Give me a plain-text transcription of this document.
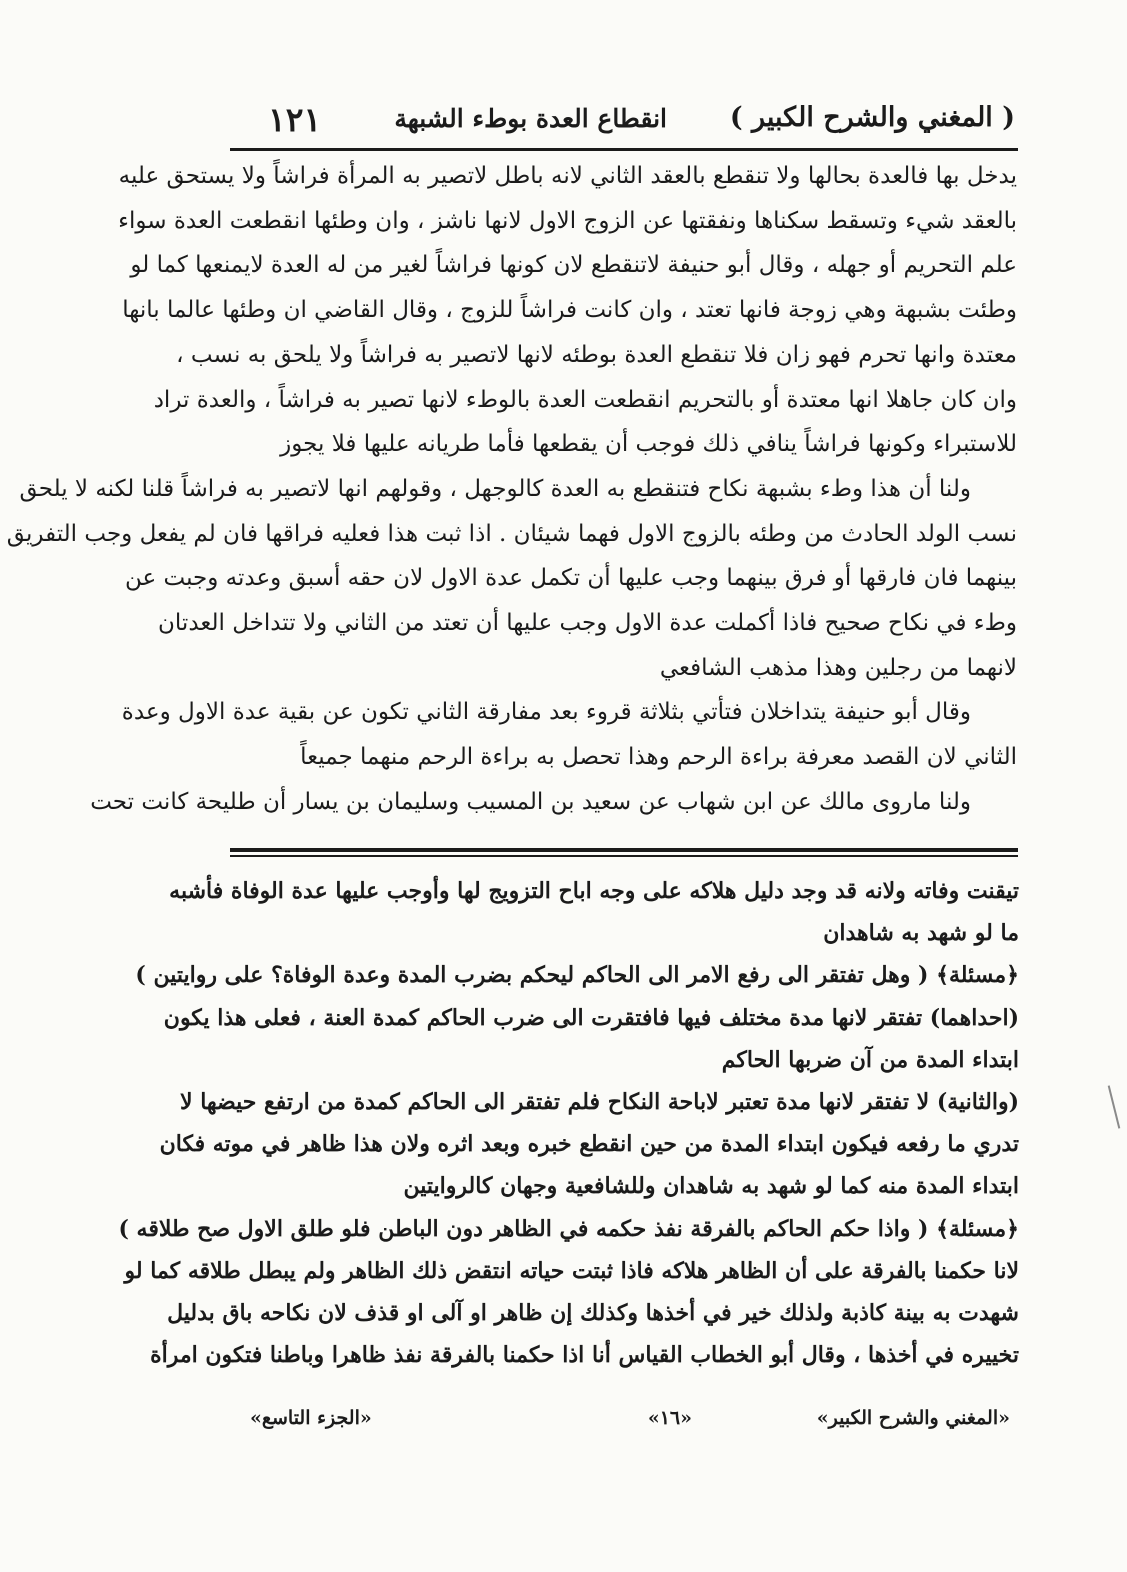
( المغني والشرح الكبير )
انقطاع العدة بوطء الشبهة
١٢١
يدخل بها فالعدة بحالها ولا تنقطع بالعقد الثاني لانه باطل لاتصير به المرأة فراشاً ولا يستحق عليه
بالعقد شيء وتسقط سكناها ونفقتها عن الزوج الاول لانها ناشز ، وان وطئها انقطعت العدة سواء
علم التحريم أو جهله ، وقال أبو حنيفة لاتنقطع لان كونها فراشاً لغير من له العدة لايمنعها كما لو
وطئت بشبهة وهي زوجة فانها تعتد ، وان كانت فراشاً للزوج ، وقال القاضي ان وطئها عالما بانها
معتدة وانها تحرم فهو زان فلا تنقطع العدة بوطئه لانها لاتصير به فراشاً ولا يلحق به نسب ،
وان كان جاهلا انها معتدة أو بالتحريم انقطعت العدة بالوطء لانها تصير به فراشاً ، والعدة تراد
للاستبراء وكونها فراشاً ينافي ذلك فوجب أن يقطعها فأما طريانه عليها فلا يجوز
ولنا أن هذا وطء بشبهة نكاح فتنقطع به العدة كالوجهل ، وقولهم انها لاتصير به فراشاً قلنا لكنه لا يلحق
نسب الولد الحادث من وطئه بالزوج الاول فهما شيئان . اذا ثبت هذا فعليه فراقها فان لم يفعل وجب التفريق
بينهما فان فارقها أو فرق بينهما وجب عليها أن تكمل عدة الاول لان حقه أسبق وعدته وجبت عن
وطء في نكاح صحيح فاذا أكملت عدة الاول وجب عليها أن تعتد من الثاني ولا تتداخل العدتان
لانهما من رجلين وهذا مذهب الشافعي
وقال أبو حنيفة يتداخلان فتأتي بثلاثة قروء بعد مفارقة الثاني تكون عن بقية عدة الاول وعدة
الثاني لان القصد معرفة براءة الرحم وهذا تحصل به براءة الرحم منهما جميعاً
ولنا ماروى مالك عن ابن شهاب عن سعيد بن المسيب وسليمان بن يسار أن طليحة كانت تحت
تيقنت وفاته ولانه قد وجد دليل هلاكه على وجه اباح التزويج لها وأوجب عليها عدة الوفاة فأشبه
ما لو شهد به شاهدان
﴿مسئلة﴾ ( وهل تفتقر الى رفع الامر الى الحاكم ليحكم بضرب المدة وعدة الوفاة؟ على روايتين )
(احداهما) تفتقر لانها مدة مختلف فيها فافتقرت الى ضرب الحاكم كمدة العنة ، فعلى هذا يكون
ابتداء المدة من آن ضربها الحاكم
(والثانية) لا تفتقر لانها مدة تعتبر لاباحة النكاح فلم تفتقر الى الحاكم كمدة من ارتفع حيضها لا
تدري ما رفعه فيكون ابتداء المدة من حين انقطع خبره وبعد اثره ولان هذا ظاهر في موته فكان
ابتداء المدة منه كما لو شهد به شاهدان وللشافعية وجهان كالروايتين
﴿مسئلة﴾ ( واذا حكم الحاكم بالفرقة نفذ حكمه في الظاهر دون الباطن فلو طلق الاول صح طلاقه )
لانا حكمنا بالفرقة على أن الظاهر هلاكه فاذا ثبتت حياته انتقض ذلك الظاهر ولم يبطل طلاقه كما لو
شهدت به بينة كاذبة ولذلك خير في أخذها وكذلك إن ظاهر او آلى او قذف لان نكاحه باق بدليل
تخييره في أخذها ، وقال أبو الخطاب القياس أنا اذا حكمنا بالفرقة نفذ ظاهرا وباطنا فتكون امرأة
«المغني والشرح الكبير»
«١٦»
«الجزء التاسع»
